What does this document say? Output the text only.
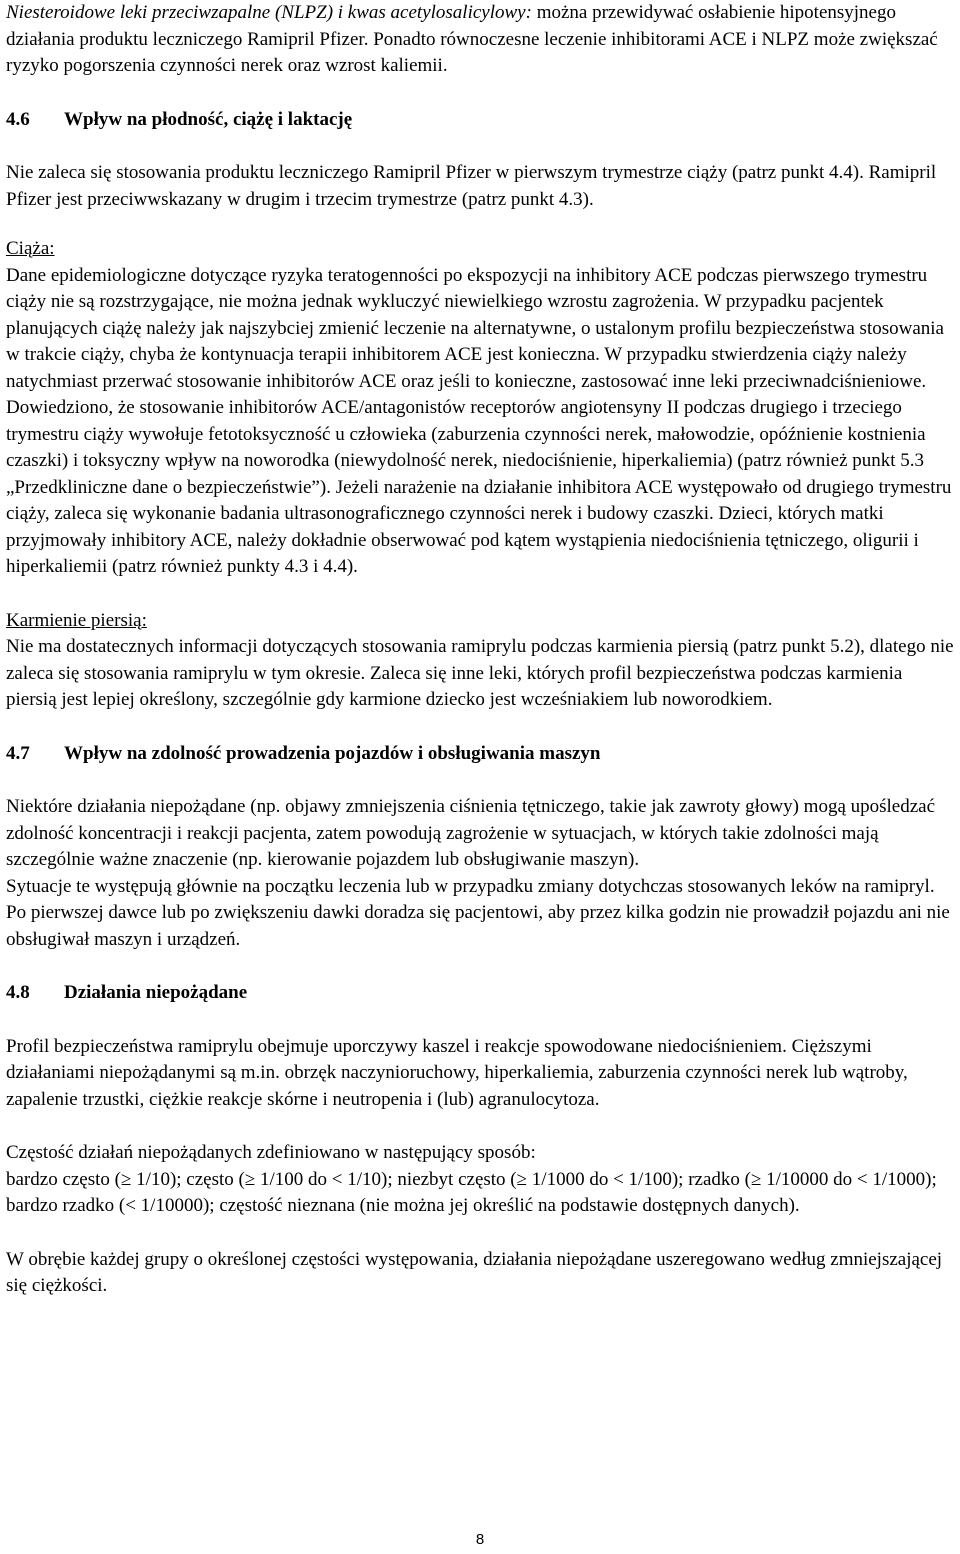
Niesteroidowe leki przeciwzapalne (NLPZ) i kwas acetylosalicylowy: można przewidywać osłabienie hipotensyjnego działania produktu leczniczego Ramipril Pfizer. Ponadto równoczesne leczenie inhibitorami ACE i NLPZ może zwiększać ryzyko pogorszenia czynności nerek oraz wzrost kaliemii.

4.6 Wpływ na płodność, ciążę i laktację

Nie zaleca się stosowania produktu leczniczego Ramipril Pfizer w pierwszym trymestrze ciąży (patrz punkt 4.4). Ramipril Pfizer jest przeciwwskazany w drugim i trzecim trymestrze (patrz punkt 4.3).

Ciąża:

Dane epidemiologiczne dotyczące ryzyka teratogenności po ekspozycji na inhibitory ACE podczas pierwszego trymestru ciąży nie są rozstrzygające, nie można jednak wykluczyć niewielkiego wzrostu zagrożenia. W przypadku pacjentek planujących ciążę należy jak najszybciej zmienić leczenie na alternatywne, o ustalonym profilu bezpieczeństwa stosowania w trakcie ciąży, chyba że kontynuacja terapii inhibitorem ACE jest konieczna. W przypadku stwierdzenia ciąży należy natychmiast przerwać stosowanie inhibitorów ACE oraz jeśli to konieczne, zastosować inne leki przeciwnadciśnieniowe. Dowiedziono, że stosowanie inhibitorów ACE/antagonistów receptorów angiotensyny II podczas drugiego i trzeciego trymestru ciąży wywołuje fetotoksyczność u człowieka (zaburzenia czynności nerek, małowodzie, opóźnienie kostnienia czaszki) i toksyczny wpływ na noworodka (niewydolność nerek, niedociśnienie, hiperkaliemia) (patrz również punkt 5.3 „Przedkliniczne dane o bezpieczeństwie”). Jeżeli narażenie na działanie inhibitora ACE występowało od drugiego trymestru ciąży, zaleca się wykonanie badania ultrasonograficznego czynności nerek i budowy czaszki. Dzieci, których matki przyjmowały inhibitory ACE, należy dokładnie obserwować pod kątem wystąpienia niedociśnienia tętniczego, oligurii i hiperkaliemii (patrz również punkty 4.3 i 4.4).

Karmienie piersią:

Nie ma dostatecznych informacji dotyczących stosowania ramiprylu podczas karmienia piersią (patrz punkt 5.2), dlatego nie zaleca się stosowania ramiprylu w tym okresie. Zaleca się inne leki, których profil bezpieczeństwa podczas karmienia piersią jest lepiej określony, szczególnie gdy karmione dziecko jest wcześniakiem lub noworodkiem.

4.7 Wpływ na zdolność prowadzenia pojazdów i obsługiwania maszyn

Niektóre działania niepożądane (np. objawy zmniejszenia ciśnienia tętniczego, takie jak zawroty głowy) mogą upośledzać zdolność koncentracji i reakcji pacjenta, zatem powodują zagrożenie w sytuacjach, w których takie zdolności mają szczególnie ważne znaczenie (np. kierowanie pojazdem lub obsługiwanie maszyn).

Sytuacje te występują głównie na początku leczenia lub w przypadku zmiany dotychczas stosowanych leków na ramipryl. Po pierwszej dawce lub po zwiększeniu dawki doradza się pacjentowi, aby przez kilka godzin nie prowadził pojazdu ani nie obsługiwał maszyn i urządzeń.

4.8 Działania niepożądane

Profil bezpieczeństwa ramiprylu obejmuje uporczywy kaszel i reakcje spowodowane niedociśnieniem. Cięższymi działaniami niepożądanymi są m.in. obrzęk naczynioruchowy, hiperkaliemia, zaburzenia czynności nerek lub wątroby, zapalenie trzustki, ciężkie reakcje skórne i neutropenia i (lub) agranulocytoza.

Częstość działań niepożądanych zdefiniowano w następujący sposób:

bardzo często (≥ 1/10); często (≥ 1/100 do < 1/10); niezbyt często (≥ 1/1000 do < 1/100); rzadko (≥ 1/10000 do < 1/1000); bardzo rzadko (< 1/10000); częstość nieznana (nie można jej określić na podstawie dostępnych danych).

W obrębie każdej grupy o określonej częstości występowania, działania niepożądane uszeregowano według zmniejszającej się ciężkości.

8
